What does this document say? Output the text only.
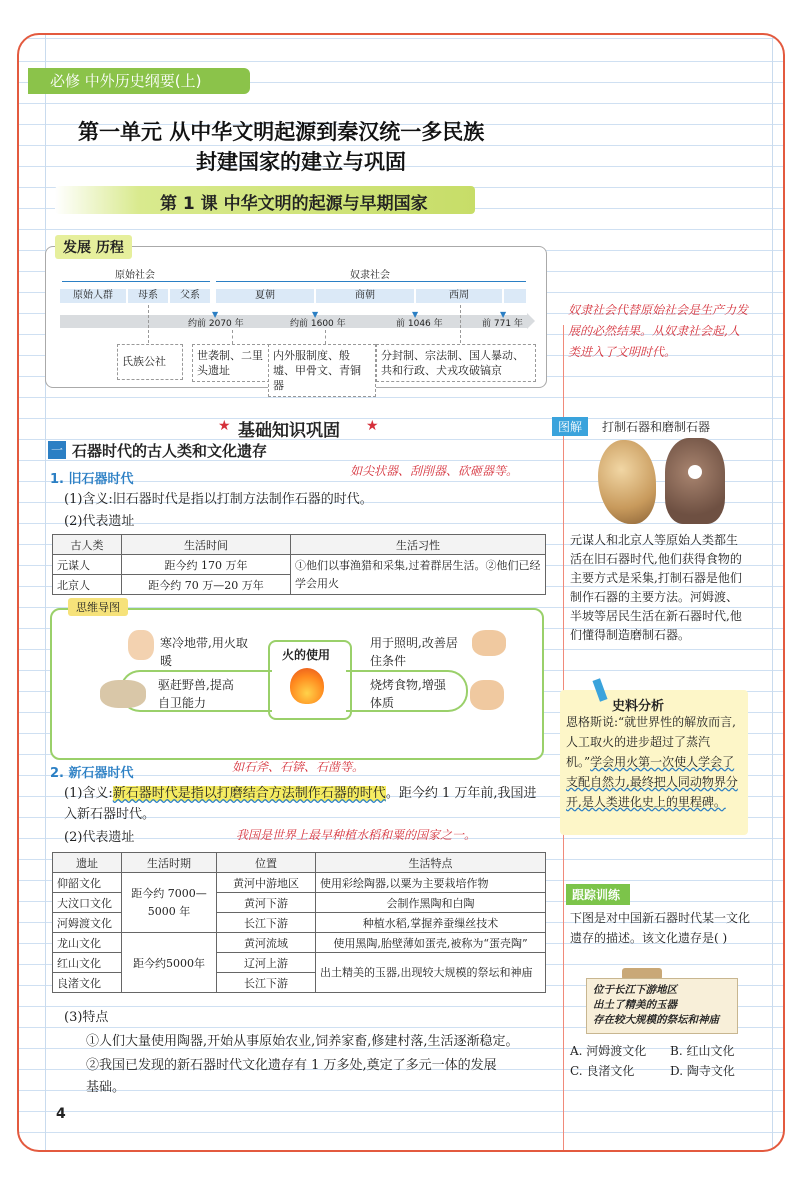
必修 中外历史纲要(上)
第一单元 从中华文明起源到秦汉统一多民族
封建国家的建立与巩固
第 1 课 中华文明的起源与早期国家
发展 历程
原始社会	奴隶社会
原始人群	母系	父系	夏朝	商朝	西周
▼	▼	▼	▼
约前 2070 年	约前 1600 年	前 1046 年	前 771 年
氏族公社	世袭制、二里头遗址
内外服制度、般墟、甲骨文、青铜器
分封制、宗法制、国人暴动、共和行政、犬戎攻破镐京
奴隶社会代替原始社会是生产力发展的必然结果。从奴隶社会起,人类进入了文明时代。
★ 基础知识巩固 ★
一 石器时代的古人类和文化遗存
1. 旧石器时代
如尖状器、刮削器、砍砸器等。
(1)含义:旧石器时代是指以打制方法制作石器的时代。
(2)代表遗址
古人类	生活时间	生活习性
元谋人	距今约 170 万年	①他们以事渔猎和采集,过着群居生活。②他们已经学会用火
北京人	距今约 70 万—20 万年	
思维导图
火的使用
寒冷地带,用火取暖
驱赶野兽,提高自卫能力
用于照明,改善居住条件
烧烤食物,增强体质
2. 新石器时代	如石斧、石锛、石凿等。
(1)含义:新石器时代是指以打磨结合方法制作石器的时代。距今约 1 万年前,我国进入新石器时代。
(2)代表遗址	我国是世界上最早种植水稻和粟的国家之一。
遗址	生活时期	位置	生活特点
仰韶文化	距今约 7000—5000 年	黄河中游地区	使用彩绘陶器,以粟为主要栽培作物
大汶口文化		黄河下游	会制作黑陶和白陶
河姆渡文化		长江下游	种植水稻,掌握养蚕缫丝技术
龙山文化	距今约5000年	黄河流域	使用黑陶,胎壁薄如蛋壳,被称为“蛋壳陶”
红山文化		辽河上游	出土精美的玉器,出现较大规模的祭坛和神庙
良渚文化		长江下游	
(3)特点
①人们大量使用陶器,开始从事原始农业,饲养家畜,修建村落,生活逐渐稳定。
②我国已发现的新石器时代文化遗存有 1 万多处,奠定了多元一体的发展
基础。
图解	打制石器和磨制石器
元谋人和北京人等原始人类都生活在旧石器时代,他们获得食物的主要方式是采集,打制石器是他们制作石器的主要方法。河姆渡、半坡等居民生活在新石器时代,他们懂得制造磨制石器。
史料分析
恩格斯说:“就世界性的解放而言,人工取火的进步超过了蒸汽机。”学会用火第一次使人学会了支配自然力,最终把人同动物界分开,是人类进化史上的里程碑。
跟踪训练
下图是对中国新石器时代某一文化遗存的描述。该文化遗存是( )
位于长江下游地区
出土了精美的玉器
存在较大规模的祭坛和神庙
A. 河姆渡文化 B. 红山文化
C. 良渚文化	D. 陶寺文化
4
